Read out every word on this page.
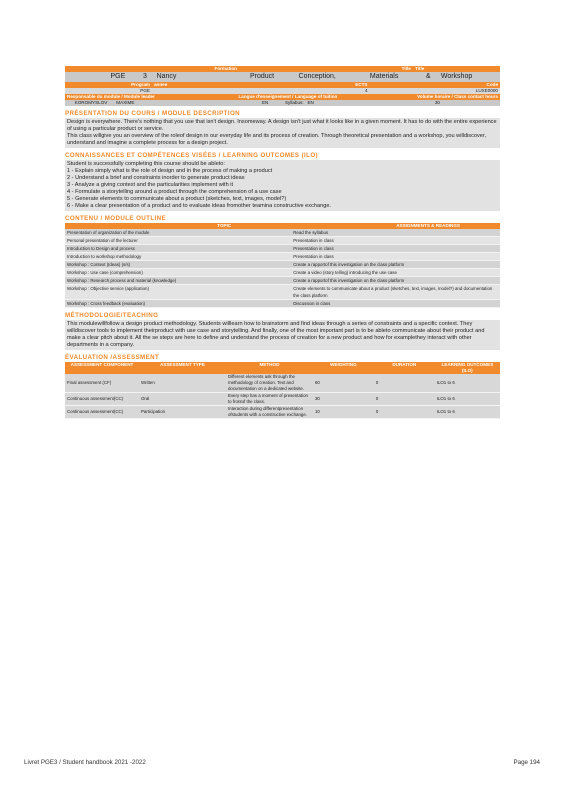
Formation	Title	Title
	PGE	3	Nancy		Product	Conception,	Materials	&	Workshop
Program	annee	ECTS	Code
PGE		4	LUXE0000
Responsable du module / Module leader	Langue d'enseignement / Language of tuition	Volume horaire / Class contact hours
KOROMYSLOV MAXIME	EN Syllabus: EN	30
PRÉSENTATION DU COURS / MODULE DESCRIPTION

Design is everywhere. There's nothing that you use that isn't design. Insomeway. A design isn't just what it looks like in a given moment. It has to do with the entire experience of using a particular product or service.

This class willgive you an overview of the roleof design in our everyday life and its process of creation. Through theoretical presentation and a workshop, you willdiscover, understand and imagine a complete process for a design project.

CONNAISSANCES ET COMPÉTENCES VISÉES / LEARNING OUTCOMES (ILO)
Student is successfully completing this course should be ableto:
1 - Explain simply what is the role of design and in the process of making a product
2 - Understand a brief and constraints inorder to generate product ideas
3 - Analyze a giving context and the particularities implement with it
4 - Formulate a storytelling around a product through the comprehension of a use case
5 - Generate elements to communicate about a product (sketches, text, images, model?)
6 - Make a clear presentation of a product and to evaluate ideas fromother teamina constructive exchange.
CONTENU / MODULE OUTLINE
TOPIC	ASSIGNMENTS & READINGS
Presentation of organization of the module	Read the syllabus
Personal presentation of the lecturer	Presentation in class
Introduction to Design and process	Presentation in class
Introduction to workshop methodology	Presentation in class
Workshop : Context (Ideas) (s/s)	Create a rapportof this investigation on the class platform
Workshop : Use case (comprehension)	Create a video (story telling) introducing the use case
Workshop : Research process and material (knowledge)	Create a rapportof this investigation on the class platform
Workshop : Objective service (application)	Create elements to communicate about a product (sketches, text, images, model?) and documentation the class platform
Workshop : Cross feedback (evaluation)	Discussion in class
MÉTHODOLOGIE/TEACHING

This modulewillfollow a design product methodology. Students willlearn how to brainstorm and find ideas through a series of constraints and a specific context. They willdiscover tools to implement theirproduct with use case and storytelling. And finally, one of the most important part is to be ableto communicate about their product and make a clear pitch about it. All the se steps are here to define and understand the process of creation for a new product and how for examplethey interact with other departments in a company.

ÉVALUATION /ASSESSMENT
ASSESSMENT COMPONENT	ASSESSMENT TYPE	METHOD	WEIGHTING	DURATION	LEARNING OUTCOMES (ILO)
Final assessment (CF)	Written	Different elements ask through the methodology of creation. Text and documentation on a dedicated website.	60	0	ILO1 to 6
Continuous assessment(CC)	Oral	Every step has a moment of presentation to frontof the class.	30	0	ILO1 to 6
Continuous assessment(CC)	Participation	Interaction during differentpresentation ofstudents with a constructive exchange.	10	0	ILO1 to 6
Livret PGE3 / Student handbook 2021 -2022	Page 194
